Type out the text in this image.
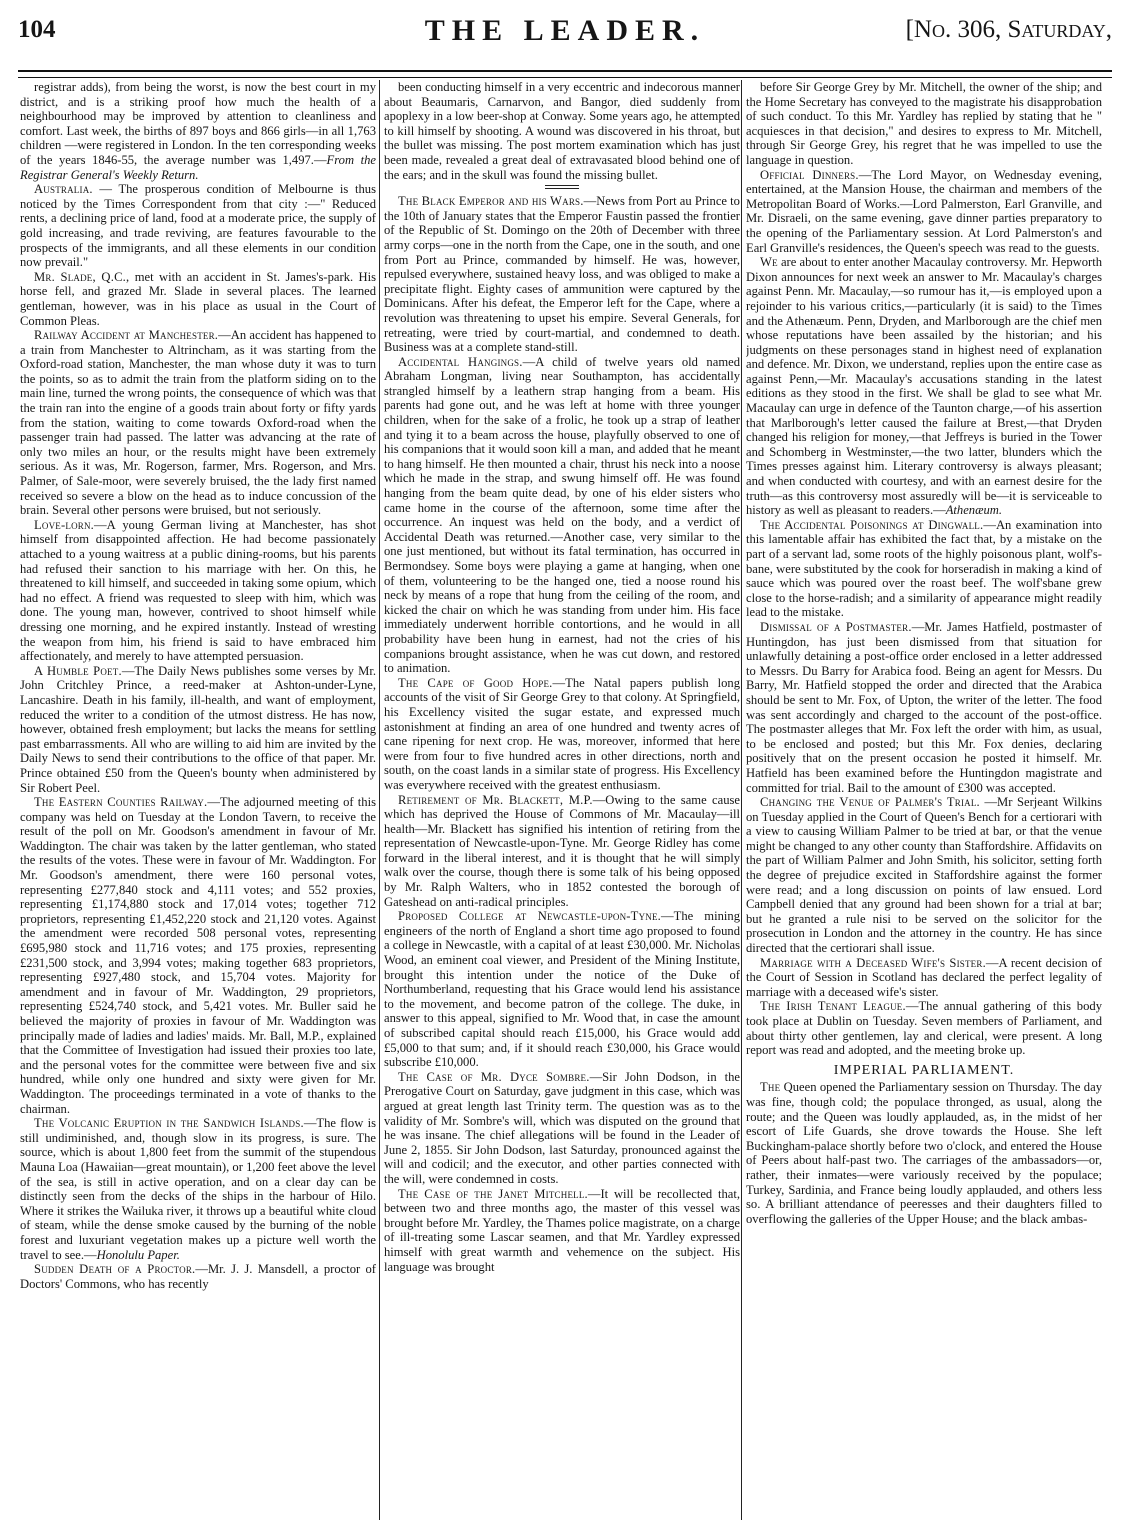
104	THE LEADER.	[No. 306, Saturday,

registrar adds), from being the worst, is now the best court in my district, and is a striking proof how much the health of a neighbourhood may be improved by attention to cleanliness and comfort. Last week, the births of 897 boys and 866 girls—in all 1,763 children —were registered in London. In the ten corresponding weeks of the years 1846-55, the average number was 1,497.—From the Registrar General's Weekly Return.

Australia. — The prosperous condition of Melbourne is thus noticed by the Times Correspondent from that city :—" Reduced rents, a declining price of land, food at a moderate price, the supply of gold increasing, and trade reviving, are features favourable to the prospects of the immigrants, and all these elements in our condition now prevail."

Mr. Slade, Q.C., met with an accident in St. James's-park. His horse fell, and grazed Mr. Slade in several places. The learned gentleman, however, was in his place as usual in the Court of Common Pleas.

Railway Accident at Manchester.—An accident has happened to a train from Manchester to Altrincham, as it was starting from the Oxford-road station, Manchester, the man whose duty it was to turn the points, so as to admit the train from the platform siding on to the main line, turned the wrong points, the consequence of which was that the train ran into the engine of a goods train about forty or fifty yards from the station, waiting to come towards Oxford-road when the passenger train had passed. The latter was advancing at the rate of only two miles an hour, or the results might have been extremely serious. As it was, Mr. Rogerson, farmer, Mrs. Rogerson, and Mrs. Palmer, of Sale-moor, were severely bruised, the the lady first named received so severe a blow on the head as to induce concussion of the brain. Several other persons were bruised, but not seriously.

Love-lorn.—A young German living at Manchester, has shot himself from disappointed affection. He had become passionately attached to a young waitress at a public dining-rooms, but his parents had refused their sanction to his marriage with her. On this, he threatened to kill himself, and succeeded in taking some opium, which had no effect. A friend was requested to sleep with him, which was done. The young man, however, contrived to shoot himself while dressing one morning, and he expired instantly. Instead of wresting the weapon from him, his friend is said to have embraced him affectionately, and merely to have attempted persuasion.

A Humble Poet.—The Daily News publishes some verses by Mr. John Critchley Prince, a reed-maker at Ashton-under-Lyne, Lancashire. Death in his family, ill-health, and want of employment, reduced the writer to a condition of the utmost distress. He has now, however, obtained fresh employment; but lacks the means for settling past embarrassments. All who are willing to aid him are invited by the Daily News to send their contributions to the office of that paper. Mr. Prince obtained £50 from the Queen's bounty when administered by Sir Robert Peel.

The Eastern Counties Railway.—The adjourned meeting of this company was held on Tuesday at the London Tavern, to receive the result of the poll on Mr. Goodson's amendment in favour of Mr. Waddington. The chair was taken by the latter gentleman, who stated the results of the votes. These were in favour of Mr. Waddington. For Mr. Goodson's amendment, there were 160 personal votes, representing £277,840 stock and 4,111 votes; and 552 proxies, representing £1,174,880 stock and 17,014 votes; together 712 proprietors, representing £1,452,220 stock and 21,120 votes. Against the amendment were recorded 508 personal votes, representing £695,980 stock and 11,716 votes; and 175 proxies, representing £231,500 stock, and 3,994 votes; making together 683 proprietors, representing £927,480 stock, and 15,704 votes. Majority for amendment and in favour of Mr. Waddington, 29 proprietors, representing £524,740 stock, and 5,421 votes. Mr. Buller said he believed the majority of proxies in favour of Mr. Waddington was principally made of ladies and ladies' maids. Mr. Ball, M.P., explained that the Committee of Investigation had issued their proxies too late, and the personal votes for the committee were between five and six hundred, while only one hundred and sixty were given for Mr. Waddington. The proceedings terminated in a vote of thanks to the chairman.

The Volcanic Eruption in the Sandwich Islands.—The flow is still undiminished, and, though slow in its progress, is sure. The source, which is about 1,800 feet from the summit of the stupendous Mauna Loa (Hawaiian—great mountain), or 1,200 feet above the level of the sea, is still in active operation, and on a clear day can be distinctly seen from the decks of the ships in the harbour of Hilo. Where it strikes the Wailuka river, it throws up a beautiful white cloud of steam, while the dense smoke caused by the burning of the noble forest and luxuriant vegetation makes up a picture well worth the travel to see.—Honolulu Paper.

Sudden Death of a Proctor.—Mr. J. J. Mansdell, a proctor of Doctors' Commons, who has recently

been conducting himself in a very eccentric and indecorous manner about Beaumaris, Carnarvon, and Bangor, died suddenly from apoplexy in a low beer-shop at Conway. Some years ago, he attempted to kill himself by shooting. A wound was discovered in his throat, but the bullet was missing. The post mortem examination which has just been made, revealed a great deal of extravasated blood behind one of the ears; and in the skull was found the missing bullet.

The Black Emperor and his Wars.—News from Port au Prince to the 10th of January states that the Emperor Faustin passed the frontier of the Republic of St. Domingo on the 20th of December with three army corps—one in the north from the Cape, one in the south, and one from Port au Prince, commanded by himself. He was, however, repulsed everywhere, sustained heavy loss, and was obliged to make a precipitate flight. Eighty cases of ammunition were captured by the Dominicans. After his defeat, the Emperor left for the Cape, where a revolution was threatening to upset his empire. Several Generals, for retreating, were tried by court-martial, and condemned to death. Business was at a complete stand-still.

Accidental Hangings.—A child of twelve years old named Abraham Longman, living near Southampton, has accidentally strangled himself by a leathern strap hanging from a beam. His parents had gone out, and he was left at home with three younger children, when for the sake of a frolic, he took up a strap of leather and tying it to a beam across the house, playfully observed to one of his companions that it would soon kill a man, and added that he meant to hang himself. He then mounted a chair, thrust his neck into a noose which he made in the strap, and swung himself off. He was found hanging from the beam quite dead, by one of his elder sisters who came home in the course of the afternoon, some time after the occurrence. An inquest was held on the body, and a verdict of Accidental Death was returned.—Another case, very similar to the one just mentioned, but without its fatal termination, has occurred in Bermondsey. Some boys were playing a game at hanging, when one of them, volunteering to be the hanged one, tied a noose round his neck by means of a rope that hung from the ceiling of the room, and kicked the chair on which he was standing from under him. His face immediately underwent horrible contortions, and he would in all probability have been hung in earnest, had not the cries of his companions brought assistance, when he was cut down, and restored to animation.

The Cape of Good Hope.—The Natal papers publish long accounts of the visit of Sir George Grey to that colony. At Springfield, his Excellency visited the sugar estate, and expressed much astonishment at finding an area of one hundred and twenty acres of cane ripening for next crop. He was, moreover, informed that here were from four to five hundred acres in other directions, north and south, on the coast lands in a similar state of progress. His Excellency was everywhere received with the greatest enthusiasm.

Retirement of Mr. Blackett, M.P.—Owing to the same cause which has deprived the House of Commons of Mr. Macaulay—ill health—Mr. Blackett has signified his intention of retiring from the representation of Newcastle-upon-Tyne. Mr. George Ridley has come forward in the liberal interest, and it is thought that he will simply walk over the course, though there is some talk of his being opposed by Mr. Ralph Walters, who in 1852 contested the borough of Gateshead on anti-radical principles.

Proposed College at Newcastle-upon-Tyne.—The mining engineers of the north of England a short time ago proposed to found a college in Newcastle, with a capital of at least £30,000. Mr. Nicholas Wood, an eminent coal viewer, and President of the Mining Institute, brought this intention under the notice of the Duke of Northumberland, requesting that his Grace would lend his assistance to the movement, and become patron of the college. The duke, in answer to this appeal, signified to Mr. Wood that, in case the amount of subscribed capital should reach £15,000, his Grace would add £5,000 to that sum; and, if it should reach £30,000, his Grace would subscribe £10,000.

The Case of Mr. Dyce Sombre.—Sir John Dodson, in the Prerogative Court on Saturday, gave judgment in this case, which was argued at great length last Trinity term. The question was as to the validity of Mr. Sombre's will, which was disputed on the ground that he was insane. The chief allegations will be found in the Leader of June 2, 1855. Sir John Dodson, last Saturday, pronounced against the will and codicil; and the executor, and other parties connected with the will, were condemned in costs.

The Case of the Janet Mitchell.—It will be recollected that, between two and three months ago, the master of this vessel was brought before Mr. Yardley, the Thames police magistrate, on a charge of ill-treating some Lascar seamen, and that Mr. Yardley expressed himself with great warmth and vehemence on the subject. His language was brought

before Sir George Grey by Mr. Mitchell, the owner of the ship; and the Home Secretary has conveyed to the magistrate his disapprobation of such conduct. To this Mr. Yardley has replied by stating that he " acquiesces in that decision," and desires to express to Mr. Mitchell, through Sir George Grey, his regret that he was impelled to use the language in question.

Official Dinners.—The Lord Mayor, on Wednesday evening, entertained, at the Mansion House, the chairman and members of the Metropolitan Board of Works.—Lord Palmerston, Earl Granville, and Mr. Disraeli, on the same evening, gave dinner parties preparatory to the opening of the Parliamentary session. At Lord Palmerston's and Earl Granville's residences, the Queen's speech was read to the guests.

We are about to enter another Macaulay controversy. Mr. Hepworth Dixon announces for next week an answer to Mr. Macaulay's charges against Penn. Mr. Macaulay,—so rumour has it,—is employed upon a rejoinder to his various critics,—particularly (it is said) to the Times and the Athenæum. Penn, Dryden, and Marlborough are the chief men whose reputations have been assailed by the historian; and his judgments on these personages stand in highest need of explanation and defence. Mr. Dixon, we understand, replies upon the entire case as against Penn,—Mr. Macaulay's accusations standing in the latest editions as they stood in the first. We shall be glad to see what Mr. Macaulay can urge in defence of the Taunton charge,—of his assertion that Marlborough's letter caused the failure at Brest,—that Dryden changed his religion for money,—that Jeffreys is buried in the Tower and Schomberg in Westminster,—the two latter, blunders which the Times presses against him. Literary controversy is always pleasant; and when conducted with courtesy, and with an earnest desire for the truth—as this controversy most assuredly will be—it is serviceable to history as well as pleasant to readers.—Athenæum.

The Accidental Poisonings at Dingwall.—An examination into this lamentable affair has exhibited the fact that, by a mistake on the part of a servant lad, some roots of the highly poisonous plant, wolf's-bane, were substituted by the cook for horseradish in making a kind of sauce which was poured over the roast beef. The wolf'sbane grew close to the horse-radish; and a similarity of appearance might readily lead to the mistake.

Dismissal of a Postmaster.—Mr. James Hatfield, postmaster of Huntingdon, has just been dismissed from that situation for unlawfully detaining a post-office order enclosed in a letter addressed to Messrs. Du Barry for Arabica food. Being an agent for Messrs. Du Barry, Mr. Hatfield stopped the order and directed that the Arabica should be sent to Mr. Fox, of Upton, the writer of the letter. The food was sent accordingly and charged to the account of the post-office. The postmaster alleges that Mr. Fox left the order with him, as usual, to be enclosed and posted; but this Mr. Fox denies, declaring positively that on the present occasion he posted it himself. Mr. Hatfield has been examined before the Huntingdon magistrate and committed for trial. Bail to the amount of £300 was accepted.

Changing the Venue of Palmer's Trial. —Mr Serjeant Wilkins on Tuesday applied in the Court of Queen's Bench for a certiorari with a view to causing William Palmer to be tried at bar, or that the venue might be changed to any other county than Staffordshire. Affidavits on the part of William Palmer and John Smith, his solicitor, setting forth the degree of prejudice excited in Staffordshire against the former were read; and a long discussion on points of law ensued. Lord Campbell denied that any ground had been shown for a trial at bar; but he granted a rule nisi to be served on the solicitor for the prosecution in London and the attorney in the country. He has since directed that the certiorari shall issue.

Marriage with a Deceased Wife's Sister.—A recent decision of the Court of Session in Scotland has declared the perfect legality of marriage with a deceased wife's sister.

The Irish Tenant League.—The annual gathering of this body took place at Dublin on Tuesday. Seven members of Parliament, and about thirty other gentlemen, lay and clerical, were present. A long report was read and adopted, and the meeting broke up.

IMPERIAL PARLIAMENT.

The Queen opened the Parliamentary session on Thursday. The day was fine, though cold; the populace thronged, as usual, along the route; and the Queen was loudly applauded, as, in the midst of her escort of Life Guards, she drove towards the House. She left Buckingham-palace shortly before two o'clock, and entered the House of Peers about half-past two. The carriages of the ambassadors—or, rather, their inmates—were variously received by the populace; Turkey, Sardinia, and France being loudly applauded, and others less so. A brilliant attendance of peeresses and their daughters filled to overflowing the galleries of the Upper House; and the black ambas-
